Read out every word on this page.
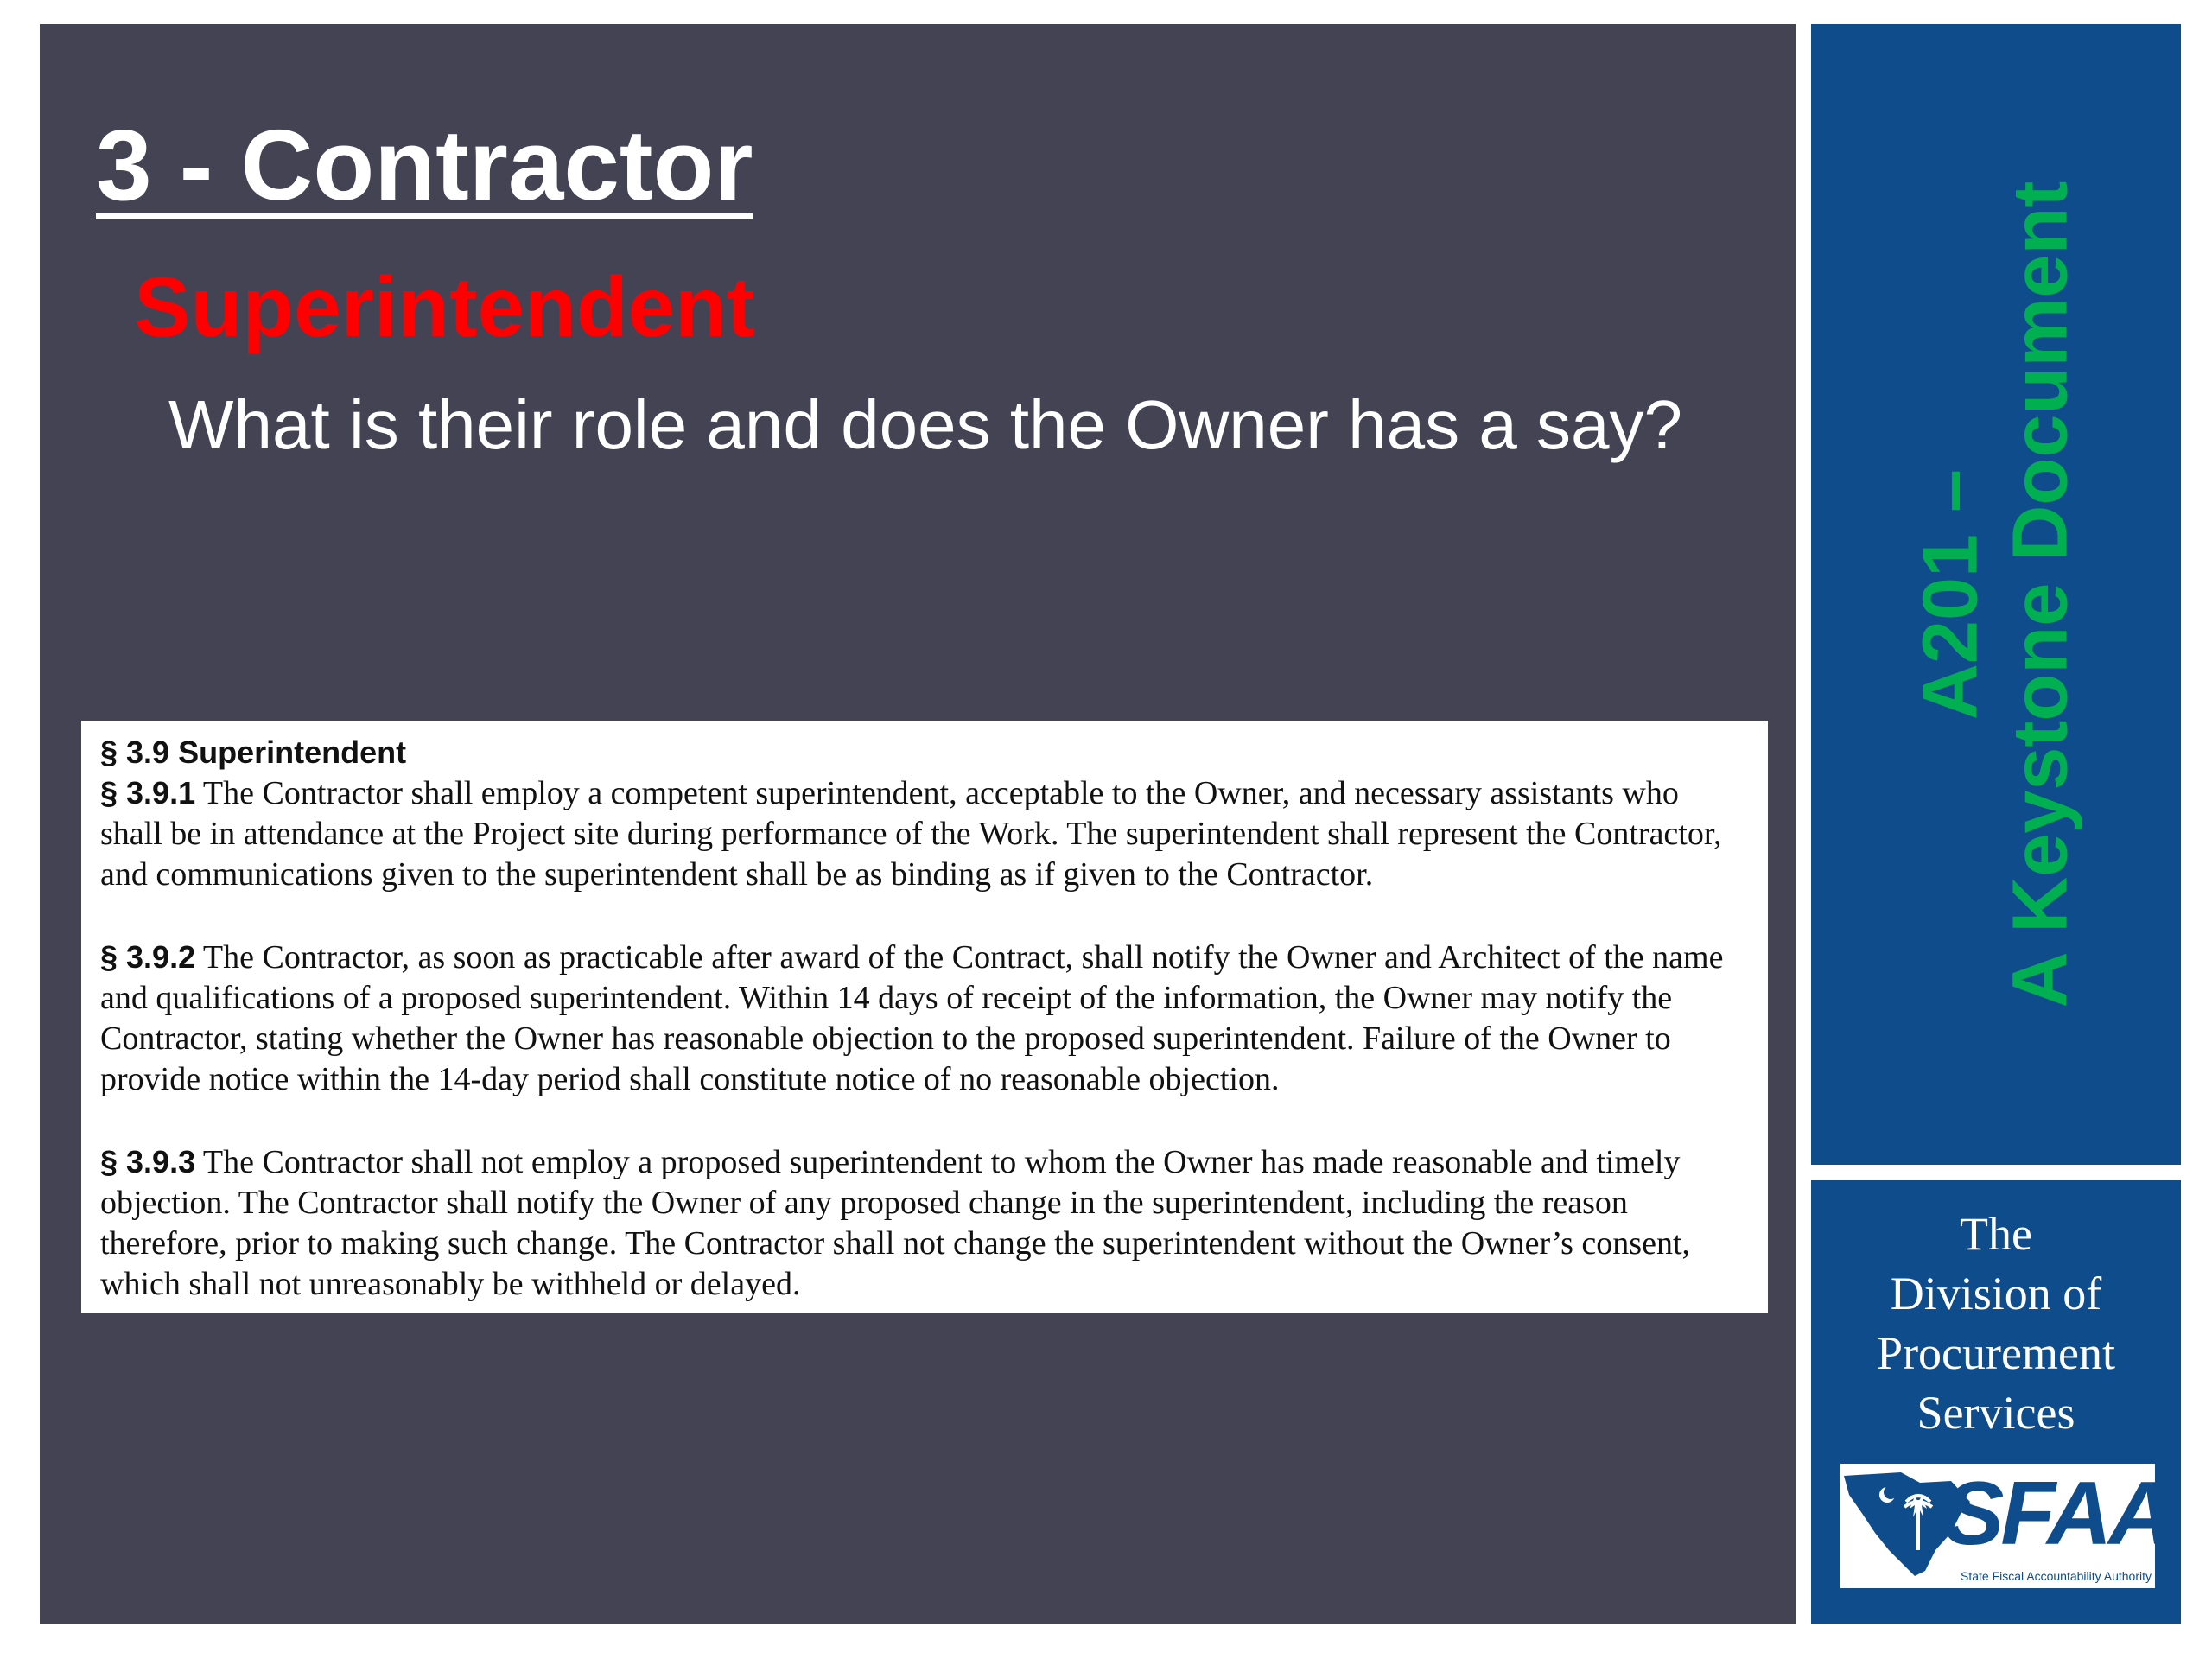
3 - Contractor
Superintendent

What is their role and does the Owner has a say?

§ 3.9 Superintendent

§ 3.9.1 The Contractor shall employ a competent superintendent, acceptable to the Owner, and necessary assistants who shall be in attendance at the Project site during performance of the Work. The superintendent shall represent the Contractor, and communications given to the superintendent shall be as binding as if given to the Contractor.

§ 3.9.2 The Contractor, as soon as practicable after award of the Contract, shall notify the Owner and Architect of the name and qualifications of a proposed superintendent. Within 14 days of receipt of the information, the Owner may notify the Contractor, stating whether the Owner has reasonable objection to the proposed superintendent. Failure of the Owner to provide notice within the 14-day period shall constitute notice of no reasonable objection.

§ 3.9.3 The Contractor shall not employ a proposed superintendent to whom the Owner has made reasonable and timely objection. The Contractor shall notify the Owner of any proposed change in the superintendent, including the reason therefore, prior to making such change. The Contractor shall not change the superintendent without the Owner’s consent, which shall not unreasonably be withheld or delayed.

A201 – A Keystone Document
The
Division of
Procurement
Services
SFAA
State Fiscal Accountability Authority
